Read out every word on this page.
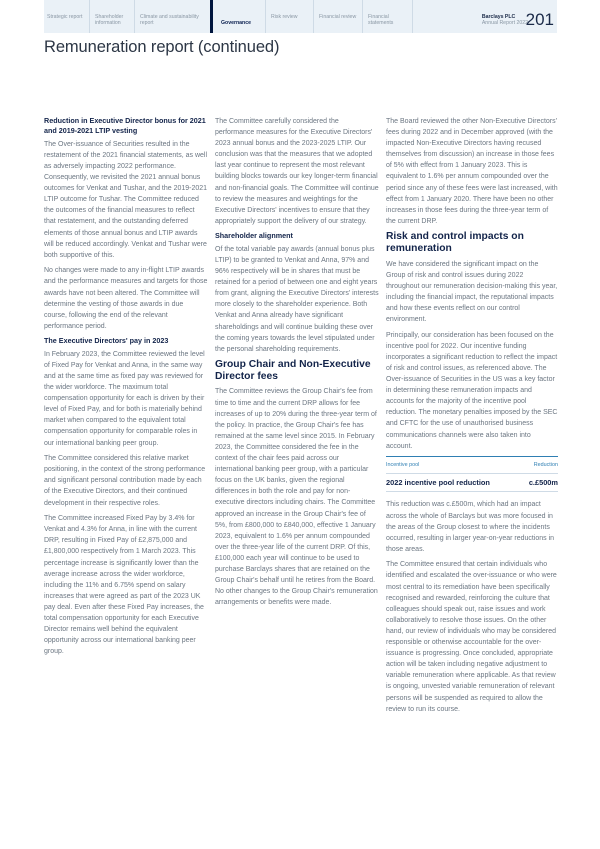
Strategic report	Shareholder information
Climate and sustainability report	Governance
Risk review	Financial review	Financial statements
Barclays PLC
Annual Report 2022
201
Remuneration report (continued)
Reduction in Executive Director bonus for 2021 and 2019-2021 LTIP vesting

The Over-issuance of Securities resulted in the restatement of the 2021 financial statements, as well as adversely impacting 2022 performance. Consequently, we revisited the 2021 annual bonus outcomes for Venkat and Tushar, and the 2019-2021 LTIP outcome for Tushar. The Committee reduced the outcomes of the financial measures to reflect that restatement, and the outstanding deferred elements of those annual bonus and LTIP awards will be reduced accordingly. Venkat and Tushar were both supportive of this.

No changes were made to any in-flight LTIP awards and the performance measures and targets for those awards have not been altered. The Committee will determine the vesting of those awards in due course, following the end of the relevant performance period.

The Executive Directors' pay in 2023

In February 2023, the Committee reviewed the level of Fixed Pay for Venkat and Anna, in the same way and at the same time as fixed pay was reviewed for the wider workforce. The maximum total compensation opportunity for each is driven by their level of Fixed Pay, and for both is materially behind market when compared to the equivalent total compensation opportunity for comparable roles in our international banking peer group.

The Committee considered this relative market positioning, in the context of the strong performance and significant personal contribution made by each of the Executive Directors, and their continued development in their respective roles.

The Committee increased Fixed Pay by 3.4% for Venkat and 4.3% for Anna, in line with the current DRP, resulting in Fixed Pay of £2,875,000 and £1,800,000 respectively from 1 March 2023. This percentage increase is significantly lower than the average increase across the wider workforce, including the 11% and 6.75% spend on salary increases that were agreed as part of the 2023 UK pay deal. Even after these Fixed Pay increases, the total compensation opportunity for each Executive Director remains well behind the equivalent opportunity across our international banking peer group.

The Committee carefully considered the performance measures for the Executive Directors' 2023 annual bonus and the 2023-2025 LTIP. Our conclusion was that the measures that we adopted last year continue to represent the most relevant building blocks towards our key longer-term financial and non-financial goals. The Committee will continue to review the measures and weightings for the Executive Directors' incentives to ensure that they appropriately support the delivery of our strategy.

Shareholder alignment

Of the total variable pay awards (annual bonus plus LTIP) to be granted to Venkat and Anna, 97% and 96% respectively will be in shares that must be retained for a period of between one and eight years from grant, aligning the Executive Directors' interests more closely to the shareholder experience. Both Venkat and Anna already have significant shareholdings and will continue building these over the coming years towards the level stipulated under the personal shareholding requirements.

Group Chair and Non-Executive Director fees

The Committee reviews the Group Chair's fee from time to time and the current DRP allows for fee increases of up to 20% during the three-year term of the policy. In practice, the Group Chair's fee has remained at the same level since 2015. In February 2023, the Committee considered the fee in the context of the chair fees paid across our international banking peer group, with a particular focus on the UK banks, given the regional differences in both the role and pay for non-executive directors including chairs. The Committee approved an increase in the Group Chair's fee of 5%, from £800,000 to £840,000, effective 1 January 2023, equivalent to 1.6% per annum compounded over the three-year life of the current DRP. Of this, £100,000 each year will continue to be used to purchase Barclays shares that are retained on the Group Chair's behalf until he retires from the Board. No other changes to the Group Chair's remuneration arrangements or benefits were made.

The Board reviewed the other Non-Executive Directors' fees during 2022 and in December approved (with the impacted Non-Executive Directors having recused themselves from discussion) an increase in those fees of 5% with effect from 1 January 2023. This is equivalent to 1.6% per annum compounded over the period since any of these fees were last increased, with effect from 1 January 2020. There have been no other increases in those fees during the three-year term of the current DRP.

Risk and control impacts on remuneration

We have considered the significant impact on the Group of risk and control issues during 2022 throughout our remuneration decision-making this year, including the financial impact, the reputational impacts and how these events reflect on our control environment.

Principally, our consideration has been focused on the incentive pool for 2022. Our incentive funding incorporates a significant reduction to reflect the impact of risk and control issues, as referenced above. The Over-issuance of Securities in the US was a key factor in determining these remuneration impacts and accounts for the majority of the incentive pool reduction. The monetary penalties imposed by the SEC and CFTC for the use of unauthorised business communications channels were also taken into account.

Incentive pool	Reduction
2022 incentive pool reduction	c.£500m

This reduction was c.£500m, which had an impact across the whole of Barclays but was more focused in the areas of the Group closest to where the incidents occurred, resulting in larger year-on-year reductions in those areas.

The Committee ensured that certain individuals who identified and escalated the over-issuance or who were most central to its remediation have been specifically recognised and rewarded, reinforcing the culture that colleagues should speak out, raise issues and work collaboratively to resolve those issues. On the other hand, our review of individuals who may be considered responsible or otherwise accountable for the over-issuance is progressing. Once concluded, appropriate action will be taken including negative adjustment to variable remuneration where applicable. As that review is ongoing, unvested variable remuneration of relevant persons will be suspended as required to allow the review to run its course.
